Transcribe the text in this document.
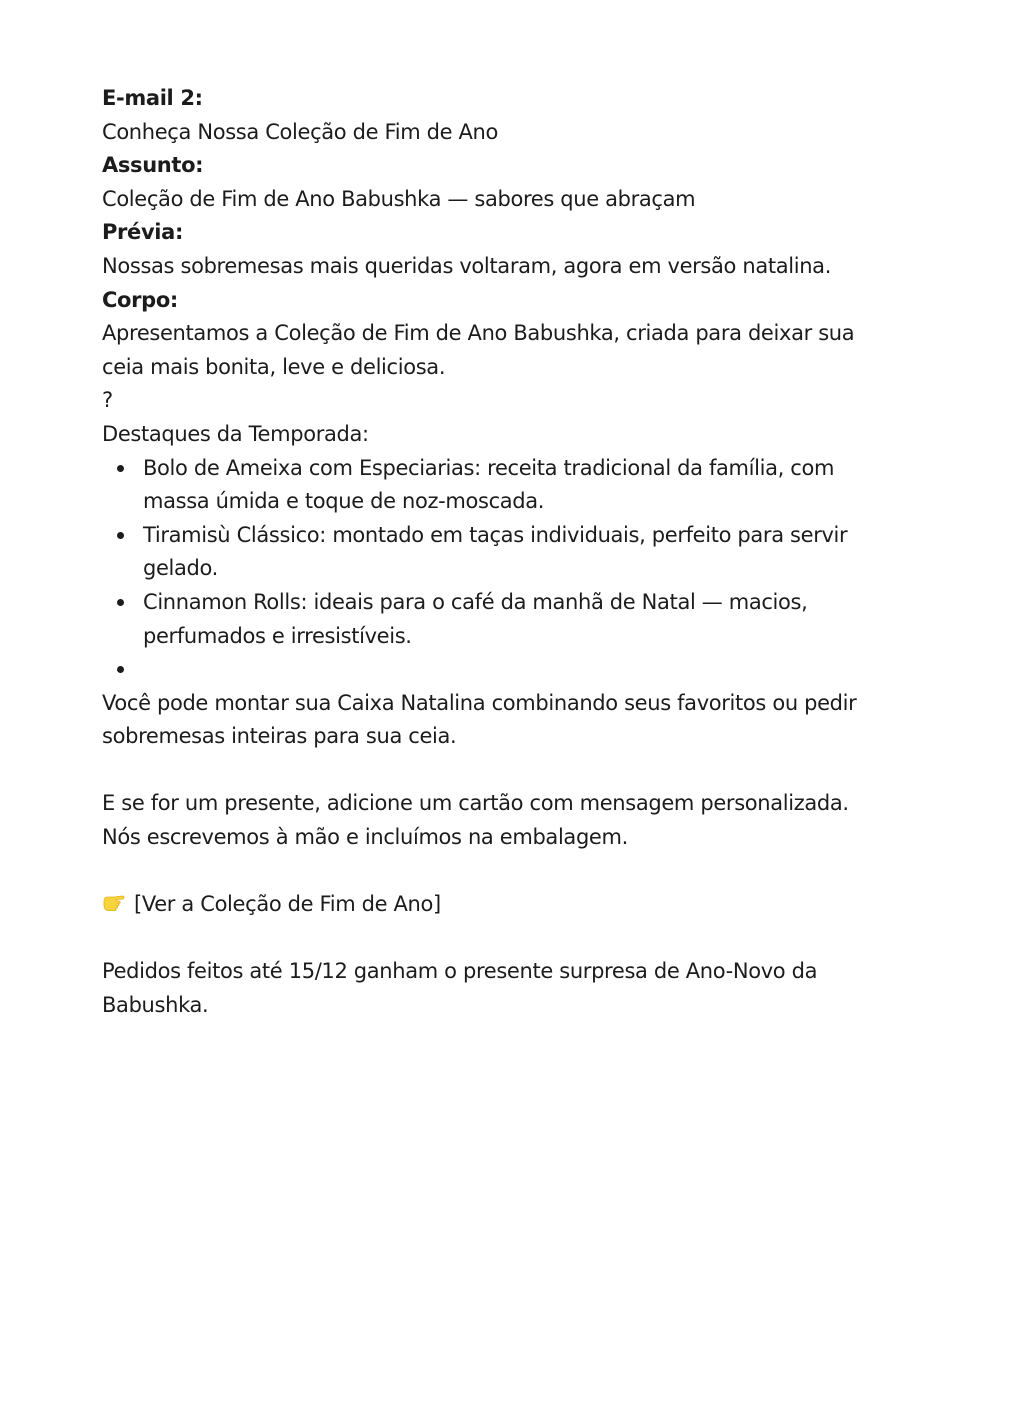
E-mail 2:
Conheça Nossa Coleção de Fim de Ano
Assunto:
Coleção de Fim de Ano Babushka — sabores que abraçam
Prévia:
Nossas sobremesas mais queridas voltaram, agora em versão natalina.
Corpo:
Apresentamos a Coleção de Fim de Ano Babushka, criada para deixar sua ceia mais bonita, leve e deliciosa.
?
Destaques da Temporada:
Bolo de Ameixa com Especiarias: receita tradicional da família, com massa úmida e toque de noz-moscada.
Tiramisù Clássico: montado em taças individuais, perfeito para servir gelado.
Cinnamon Rolls: ideais para o café da manhã de Natal — macios, perfumados e irresistíveis.
Você pode montar sua Caixa Natalina combinando seus favoritos ou pedir sobremesas inteiras para sua ceia.
E se for um presente, adicione um cartão com mensagem personalizada. Nós escrevemos à mão e incluímos na embalagem.
[Ver a Coleção de Fim de Ano]
Pedidos feitos até 15/12 ganham o presente surpresa de Ano-Novo da Babushka.
